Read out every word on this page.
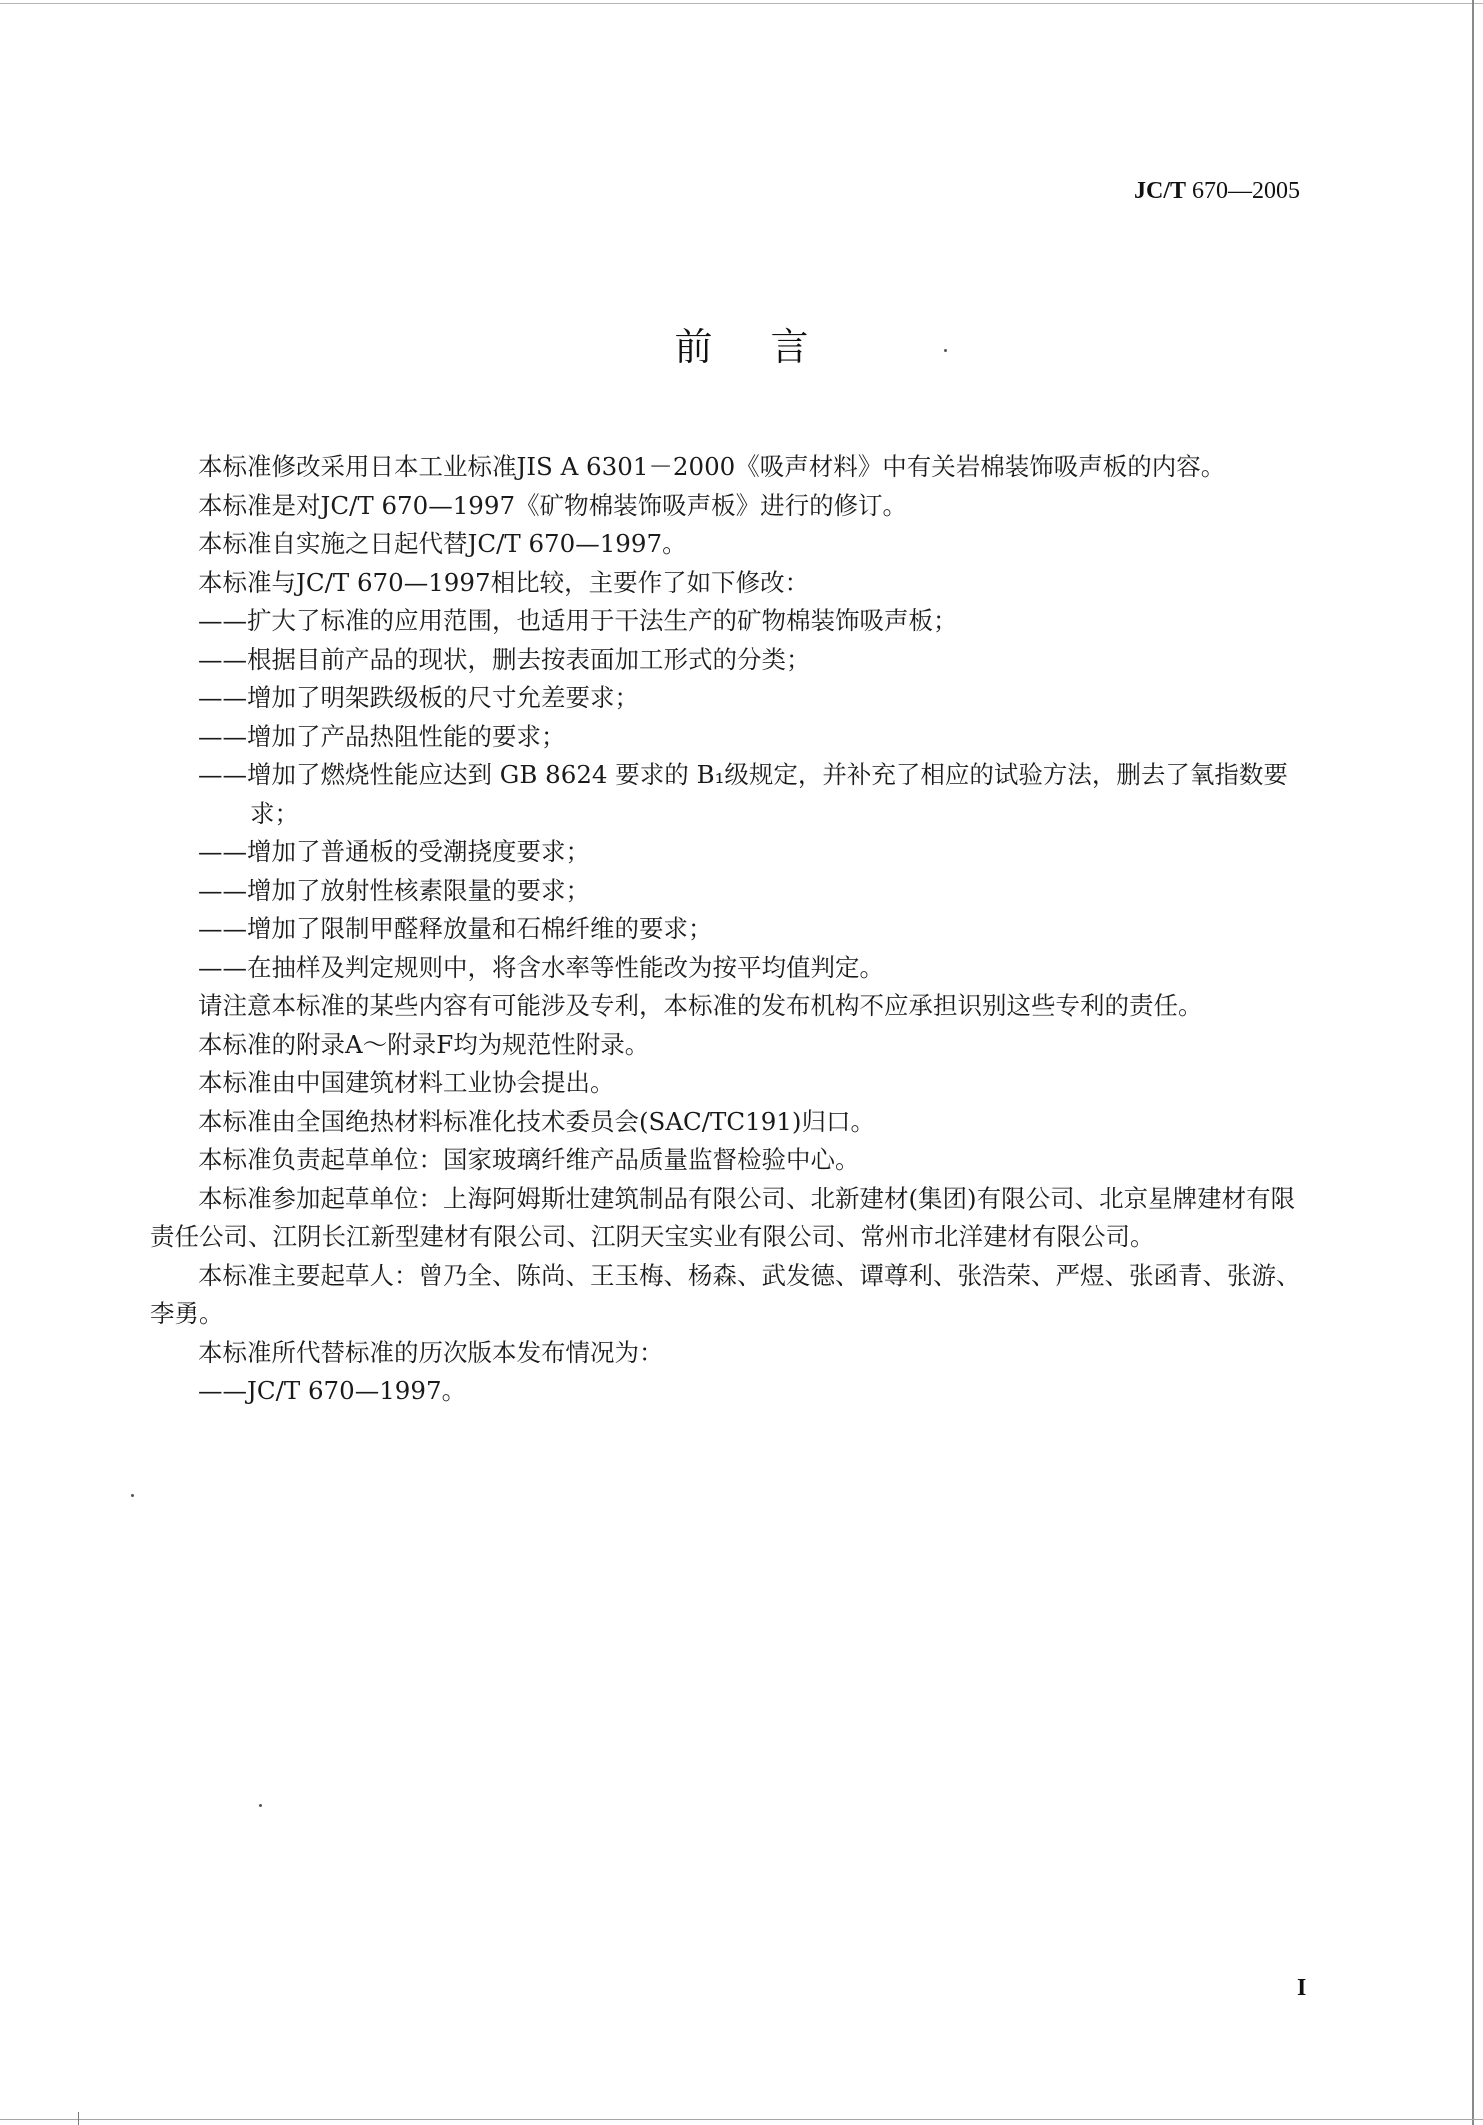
JC/T 670—2005
前言

本标准修改采用日本工业标准JIS A 6301－2000《吸声材料》中有关岩棉装饰吸声板的内容。

本标准是对JC/T 670—1997《矿物棉装饰吸声板》进行的修订。

本标准自实施之日起代替JC/T 670—1997。

本标准与JC/T 670—1997相比较，主要作了如下修改：

——扩大了标准的应用范围，也适用于干法生产的矿物棉装饰吸声板；

——根据目前产品的现状，删去按表面加工形式的分类；

——增加了明架跌级板的尺寸允差要求；

——增加了产品热阻性能的要求；

——增加了燃烧性能应达到 GB 8624 要求的 B₁级规定，并补充了相应的试验方法，删去了氧指数要求；

——增加了普通板的受潮挠度要求；

——增加了放射性核素限量的要求；

——增加了限制甲醛释放量和石棉纤维的要求；

——在抽样及判定规则中，将含水率等性能改为按平均值判定。

请注意本标准的某些内容有可能涉及专利，本标准的发布机构不应承担识别这些专利的责任。

本标准的附录A～附录F均为规范性附录。

本标准由中国建筑材料工业协会提出。

本标准由全国绝热材料标准化技术委员会(SAC/TC191)归口。

本标准负责起草单位：国家玻璃纤维产品质量监督检验中心。

本标准参加起草单位：上海阿姆斯壮建筑制品有限公司、北新建材(集团)有限公司、北京星牌建材有限责任公司、江阴长江新型建材有限公司、江阴天宝实业有限公司、常州市北洋建材有限公司。

本标准主要起草人：曾乃全、陈尚、王玉梅、杨森、武发德、谭尊利、张浩荣、严煜、张函青、张游、李勇。

本标准所代替标准的历次版本发布情况为：

——JC/T 670—1997。

I
